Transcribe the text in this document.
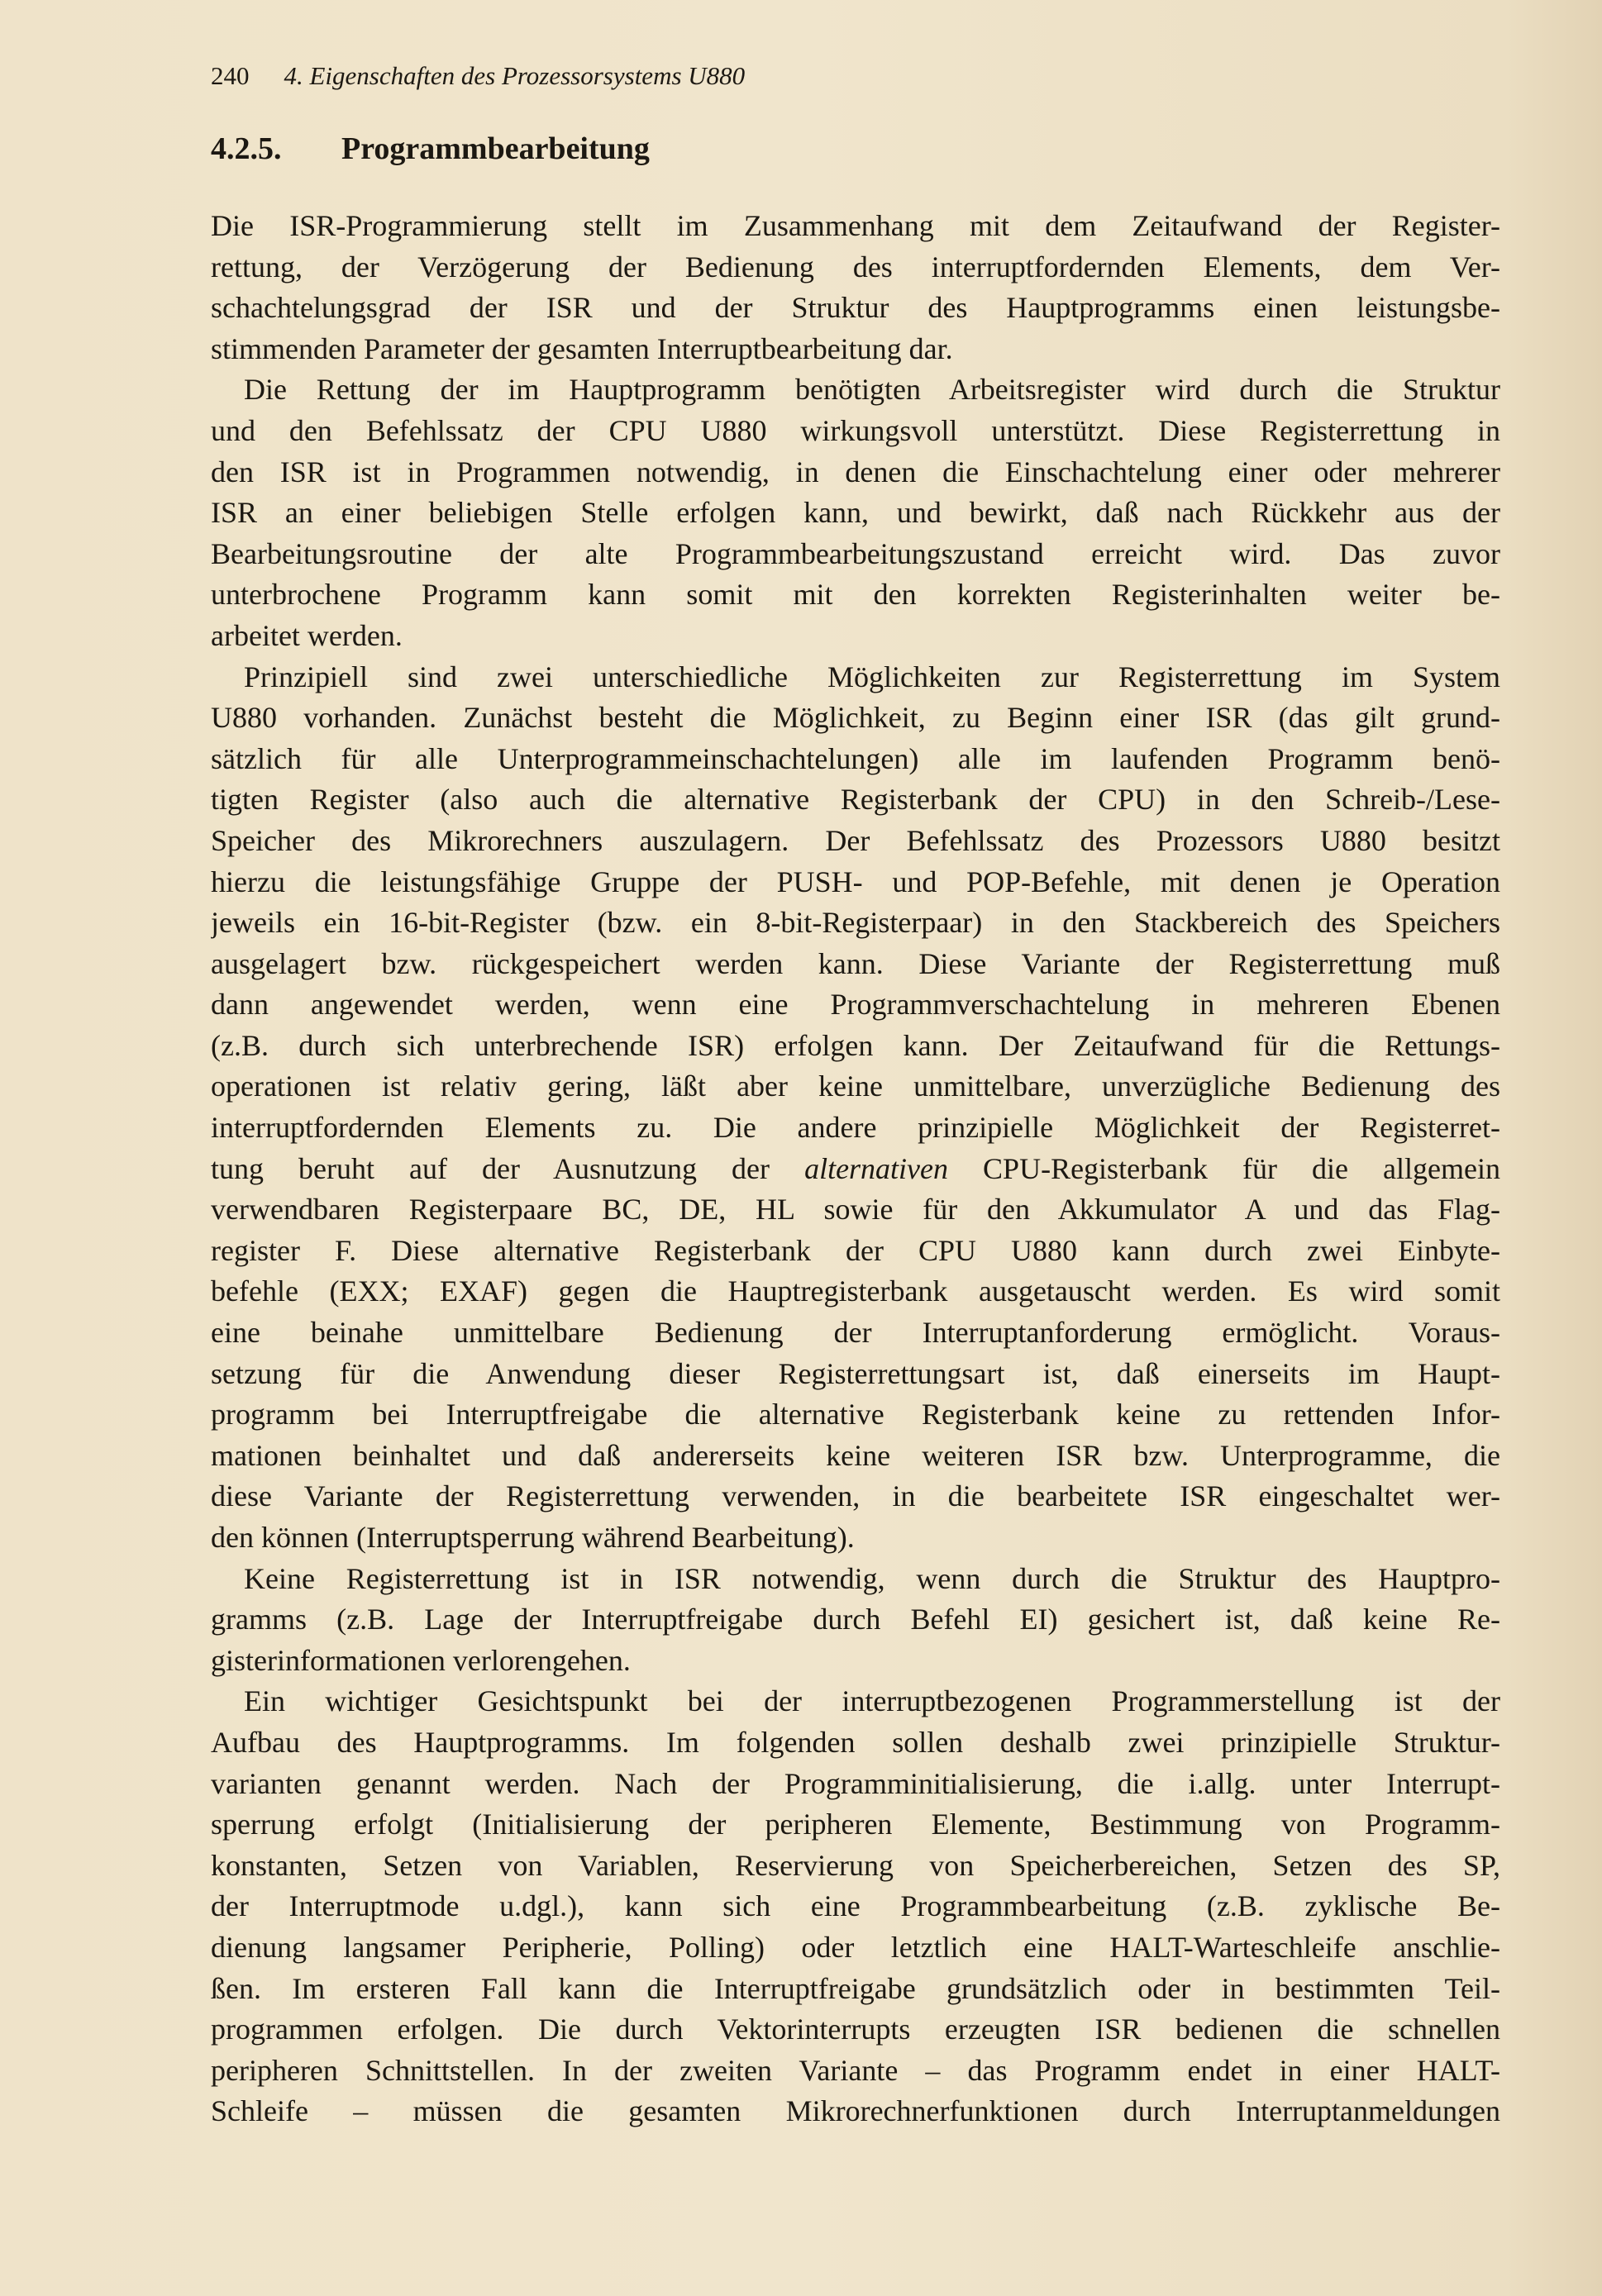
240 4. Eigenschaften des Prozessorsystems U880
4.2.5. Programmbearbeitung
Die ISR-Programmierung stellt im Zusammenhang mit dem Zeitaufwand der Register-
rettung, der Verzögerung der Bedienung des interruptfordernden Elements, dem Ver-
schachtelungsgrad der ISR und der Struktur des Hauptprogramms einen leistungsbe-
stimmenden Parameter der gesamten Interruptbearbeitung dar.
Die Rettung der im Hauptprogramm benötigten Arbeitsregister wird durch die Struktur
und den Befehlssatz der CPU U880 wirkungsvoll unterstützt. Diese Registerrettung in
den ISR ist in Programmen notwendig, in denen die Einschachtelung einer oder mehrerer
ISR an einer beliebigen Stelle erfolgen kann, und bewirkt, daß nach Rückkehr aus der
Bearbeitungsroutine der alte Programmbearbeitungszustand erreicht wird. Das zuvor
unterbrochene Programm kann somit mit den korrekten Registerinhalten weiter be-
arbeitet werden.
Prinzipiell sind zwei unterschiedliche Möglichkeiten zur Registerrettung im System
U880 vorhanden. Zunächst besteht die Möglichkeit, zu Beginn einer ISR (das gilt grund-
sätzlich für alle Unterprogrammeinschachtelungen) alle im laufenden Programm benö-
tigten Register (also auch die alternative Registerbank der CPU) in den Schreib-/Lese-
Speicher des Mikrorechners auszulagern. Der Befehlssatz des Prozessors U880 besitzt
hierzu die leistungsfähige Gruppe der PUSH- und POP-Befehle, mit denen je Operation
jeweils ein 16-bit-Register (bzw. ein 8-bit-Registerpaar) in den Stackbereich des Speichers
ausgelagert bzw. rückgespeichert werden kann. Diese Variante der Registerrettung muß
dann angewendet werden, wenn eine Programmverschachtelung in mehreren Ebenen
(z.B. durch sich unterbrechende ISR) erfolgen kann. Der Zeitaufwand für die Rettungs-
operationen ist relativ gering, läßt aber keine unmittelbare, unverzügliche Bedienung des
interruptfordernden Elements zu. Die andere prinzipielle Möglichkeit der Registerret-
tung beruht auf der Ausnutzung der alternativen CPU-Registerbank für die allgemein
verwendbaren Registerpaare BC, DE, HL sowie für den Akkumulator A und das Flag-
register F. Diese alternative Registerbank der CPU U880 kann durch zwei Einbyte-
befehle (EXX; EXAF) gegen die Hauptregisterbank ausgetauscht werden. Es wird somit
eine beinahe unmittelbare Bedienung der Interruptanforderung ermöglicht. Voraus-
setzung für die Anwendung dieser Registerrettungsart ist, daß einerseits im Haupt-
programm bei Interruptfreigabe die alternative Registerbank keine zu rettenden Infor-
mationen beinhaltet und daß andererseits keine weiteren ISR bzw. Unterprogramme, die
diese Variante der Registerrettung verwenden, in die bearbeitete ISR eingeschaltet wer-
den können (Interruptsperrung während Bearbeitung).
Keine Registerrettung ist in ISR notwendig, wenn durch die Struktur des Hauptpro-
gramms (z.B. Lage der Interruptfreigabe durch Befehl EI) gesichert ist, daß keine Re-
gisterinformationen verlorengehen.
Ein wichtiger Gesichtspunkt bei der interruptbezogenen Programmerstellung ist der
Aufbau des Hauptprogramms. Im folgenden sollen deshalb zwei prinzipielle Struktur-
varianten genannt werden. Nach der Programminitialisierung, die i.allg. unter Interrupt-
sperrung erfolgt (Initialisierung der peripheren Elemente, Bestimmung von Programm-
konstanten, Setzen von Variablen, Reservierung von Speicherbereichen, Setzen des SP,
der Interruptmode u.dgl.), kann sich eine Programmbearbeitung (z.B. zyklische Be-
dienung langsamer Peripherie, Polling) oder letztlich eine HALT-Warteschleife anschlie-
ßen. Im ersteren Fall kann die Interruptfreigabe grundsätzlich oder in bestimmten Teil-
programmen erfolgen. Die durch Vektorinterrupts erzeugten ISR bedienen die schnellen
peripheren Schnittstellen. In der zweiten Variante – das Programm endet in einer HALT-
Schleife – müssen die gesamten Mikrorechnerfunktionen durch Interruptanmeldungen
